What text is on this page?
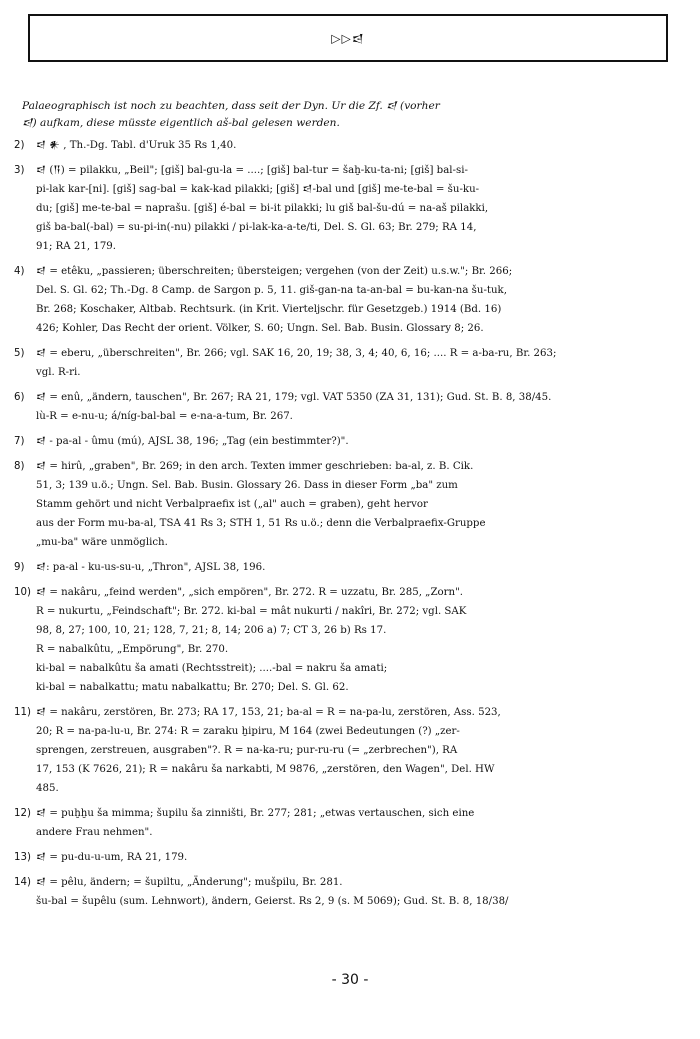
▷▷𒁀

Palaeographisch ist noch zu beachten, dass seit der Dyn. Ur die Zf. 𒁀 (vorher

𒁀) aufkam, diese müsste eigentlich aš-bal gelesen werden.

2)	𒁀 𒀭 , Th.-Dg. Tabl. d'Uruk 35 Rs 1,40.
3)	𒁀 (𒀀) = pilakku, „Beil"; [giš] bal-gu-la = ....; [giš] bal-tur = šaḫ-ku-ta-ni; [giš] bal-si-
pi-lak kar-[ni]. [giš] sag-bal = kak-kad pilakki; [giš] 𒁀-bal und [giš] me-te-bal = šu-ku-
du; [giš] me-te-bal = naprašu. [giš] é-bal = bi-it pilakki; lu giš bal-šu-dú = na-aš pilakki,
giš ba-bal(-bal) = su-pi-in(-nu) pilakki / pi-lak-ka-a-te/ti, Del. S. Gl. 63; Br. 279; RA 14,
91; RA 21, 179.
4)	𒁀 = etêku, „passieren; überschreiten; übersteigen; vergehen (von der Zeit) u.s.w."; Br. 266;
Del. S. Gl. 62; Th.-Dg. 8 Camp. de Sargon p. 5, 11. giš-gan-na ta-an-bal = bu-kan-na šu-tuk,
Br. 268; Koschaker, Altbab. Rechtsurk. (in Krit. Vierteljschr. für Gesetzgeb.) 1914 (Bd. 16)
426; Kohler, Das Recht der orient. Völker, S. 60; Ungn. Sel. Bab. Busin. Glossary 8; 26.
5)	𒁀 = eberu, „überschreiten", Br. 266; vgl. SAK 16, 20, 19; 38, 3, 4; 40, 6, 16; .... R = a-ba-ru, Br. 263;
vgl. R-ri.
6)	𒁀 = enû, „ändern, tauschen", Br. 267; RA 21, 179; vgl. VAT 5350 (ZA 31, 131); Gud. St. B. 8, 38/45.
lù-R = e-nu-u; á/níg-bal-bal = e-na-a-tum, Br. 267.
7)	𒁀 - pa-al - ûmu (mú), AJSL 38, 196; „Tag (ein bestimmter?)".
8)	𒁀 = hirû, „graben", Br. 269; in den arch. Texten immer geschrieben: ba-al, z. B. Cik.
51, 3; 139 u.ö.; Ungn. Sel. Bab. Busin. Glossary 26. Dass in dieser Form „ba" zum
Stamm gehört und nicht Verbalpraefix ist („al" auch = graben), geht hervor
aus der Form mu-ba-al, TSA 41 Rs 3; STH 1, 51 Rs u.ö.; denn die Verbalpraefix-Gruppe
„mu-ba" wäre unmöglich.
9)	𒁀: pa-al - ku-us-su-u, „Thron", AJSL 38, 196.
10) 𒁀 = nakâru, „feind werden", „sich empören", Br. 272. R = uzzatu, Br. 285, „Zorn".
R = nukurtu, „Feindschaft"; Br. 272. ki-bal = mât nukurti / nakîri, Br. 272; vgl. SAK
98, 8, 27; 100, 10, 21; 128, 7, 21; 8, 14; 206 a) 7; CT 3, 26 b) Rs 17.
R = nabalkûtu, „Empörung", Br. 270.
ki-bal = nabalkûtu ša amati (Rechtsstreit); ....-bal = nakru ša amati;
ki-bal = nabalkattu; matu nabalkattu; Br. 270; Del. S. Gl. 62.
11) 𒁀 = nakâru, zerstören, Br. 273; RA 17, 153, 21; ba-al = R = na-pa-lu, zerstören, Ass. 523,
20; R = na-pa-lu-u, Br. 274: R = zaraku ḫipiru, M 164 (zwei Bedeutungen (?) „zer-
sprengen, zerstreuen, ausgraben"?. R = na-ka-ru; pur-ru-ru (= „zerbrechen"), RA
17, 153 (K 7626, 21); R = nakâru ša narkabti, M 9876, „zerstören, den Wagen", Del. HW
485.
12) 𒁀 = puḫḫu ša mimma; šupilu ša zinništi, Br. 277; 281; „etwas vertauschen, sich eine
andere Frau nehmen".
13) 𒁀 = pu-du-u-um, RA 21, 179.
14) 𒁀 = pêlu, ändern; = šupiltu, „Änderung"; mušpilu, Br. 281.
šu-bal = šupêlu (sum. Lehnwort), ändern, Geierst. Rs 2, 9 (s. M 5069); Gud. St. B. 8, 18/38/
- 30 -
